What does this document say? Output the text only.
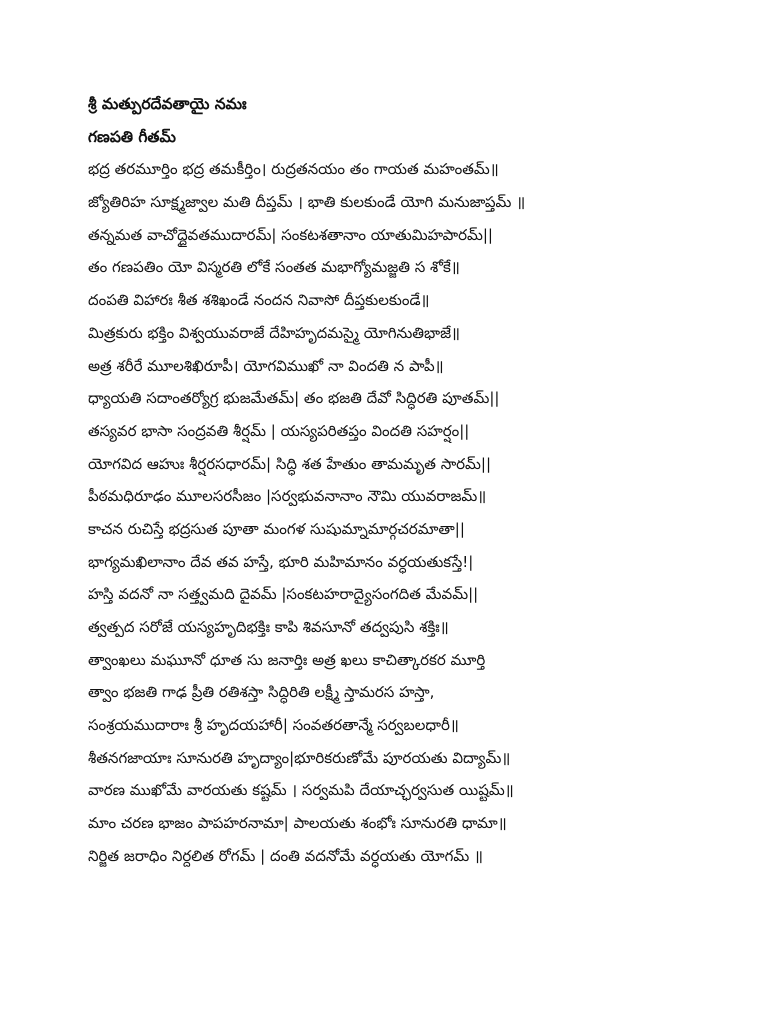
శ్రీ మత్పురదేవతాయై నమః
గణపతి గీతమ్
భద్ర తరమూర్తిం భద్ర తమకీర్తిం। రుద్రతనయం తం గాయత మహంతమ్॥
జ్యోతిరిహ సూక్ష్మజ్వాల మతి దీప్తమ్ । భాతి కులకుండే యోగి మనుజాప్తమ్ ॥
తన్నమత వాచోద్దైవతముదారమ్| సంకటశతానాం యాతుమిహపారమ్||
తం గణపతిం యో విస్మరతి లోకే సంతత మభాగ్యోమజ్జతి స శోకే॥
దంపతి విహారః శీత శశిఖండే నందన నివాసో దీప్తకులకుండే॥
మిత్రకురు భక్తిం విశ్వయువరాజే దేహిహృదమస్మై యోగినుతిభాజే॥
అత్ర శరీరే మూలశిఖిరూపీ। యోగవిముఖో నా విందతి న పాపీ॥
ధ్యాయతి సదాంతర్యోగ్ర భుజమేతమ్| తం భజతి దేవో సిద్ధిరతి పూతమ్||
తస్యవర భాసా సంద్రవతి శీర్షమ్ | యస్యపరితప్తం విందతి సహర్షం||
యోగవిద ఆహుః శీర్షరసధారమ్| సిద్ధి శత హేతుం తామమృత సారమ్||
పీఠమధిరూఢం మూలసరసీజం |సర్వభువనానాం నౌమి యువరాజమ్॥
కాచన రుచిస్తే భద్రసుత పూతా మంగళ సుషుమ్నామార్గచరమాతా||
భాగ్యమఖిలానాం దేవ తవ హస్తే, భూరి మహిమానం వర్ధయతుకస్తే!|
హస్తి వదనో నా సత్త్వమది దైవమ్ |సంకటహరాద్యైసంగదిత మేవమ్||
త్వత్పద సరోజే యస్యహృదిభక్తిః కాపి శివసూనో తద్వపుసి శక్తిః॥
త్వాంఖలు మఘూనో ధూత సు జనార్తిః అత్ర ఖలు కాచిత్కారకర మూర్తి
త్వాం భజతి గాఢ ప్రీతి రతిశస్తా సిద్ధిరితి లక్ష్మీ స్తామరస హస్తా,
సంశ్రయముదారాః శ్రీ హృదయహారీ| సంవతరతాన్మే సర్వబలధారీ॥
శీతనగజాయాః సూనురతి హృద్యాం|భూరికరుణోమే పూరయతు విద్యామ్॥
వారణ ముఖోమే వారయతు కష్టమ్ । సర్వమపి దేయాచ్ఛర్వసుత యిష్టమ్॥
మాం చరణ భాజం పాపహరనామా| పాలయతు శంభోః సూనురతి ధామా॥
నిర్జిత జరాధిం నిర్దలిత రోగమ్ | దంతి వదనోమే వర్ధయతు యోగమ్ ॥
